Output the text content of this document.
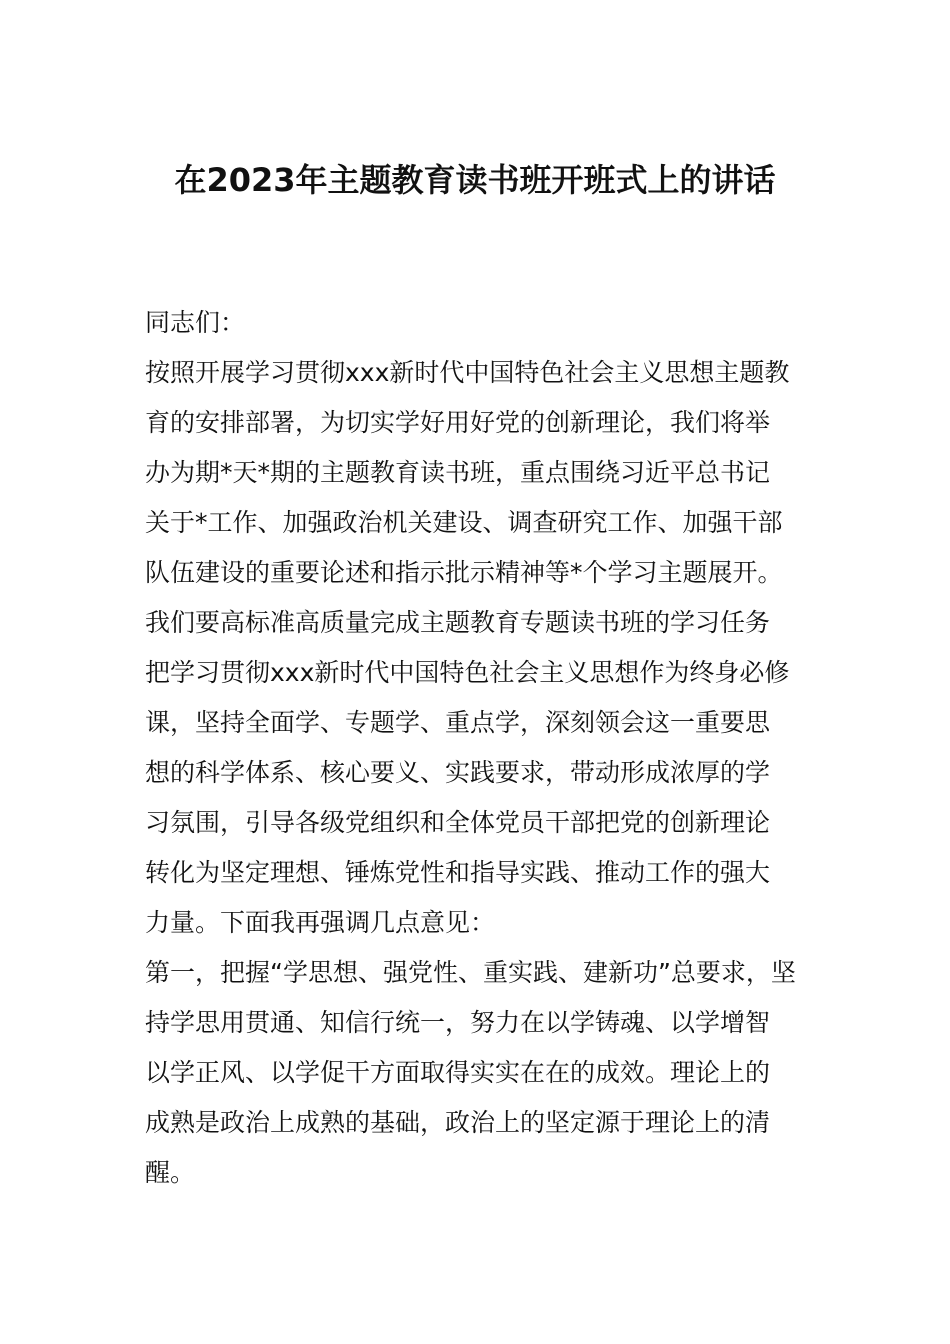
在2023年主题教育读书班开班式上的讲话
同志们：
按照开展学习贯彻xxx新时代中国特色社会主义思想主题教
育的安排部署，为切实学好用好党的创新理论，我们将举
办为期*天*期的主题教育读书班，重点围绕习近平总书记
关于*工作、加强政治机关建设、调查研究工作、加强干部
队伍建设的重要论述和指示批示精神等*个学习主题展开。
我们要高标准高质量完成主题教育专题读书班的学习任务
把学习贯彻xxx新时代中国特色社会主义思想作为终身必修
课，坚持全面学、专题学、重点学，深刻领会这一重要思
想的科学体系、核心要义、实践要求，带动形成浓厚的学
习氛围，引导各级党组织和全体党员干部把党的创新理论
转化为坚定理想、锤炼党性和指导实践、推动工作的强大
力量。下面我再强调几点意见：
第一，把握“学思想、强党性、重实践、建新功”总要求，坚
持学思用贯通、知信行统一，努力在以学铸魂、以学增智
以学正风、以学促干方面取得实实在在的成效。理论上的
成熟是政治上成熟的基础，政治上的坚定源于理论上的清
醒。
